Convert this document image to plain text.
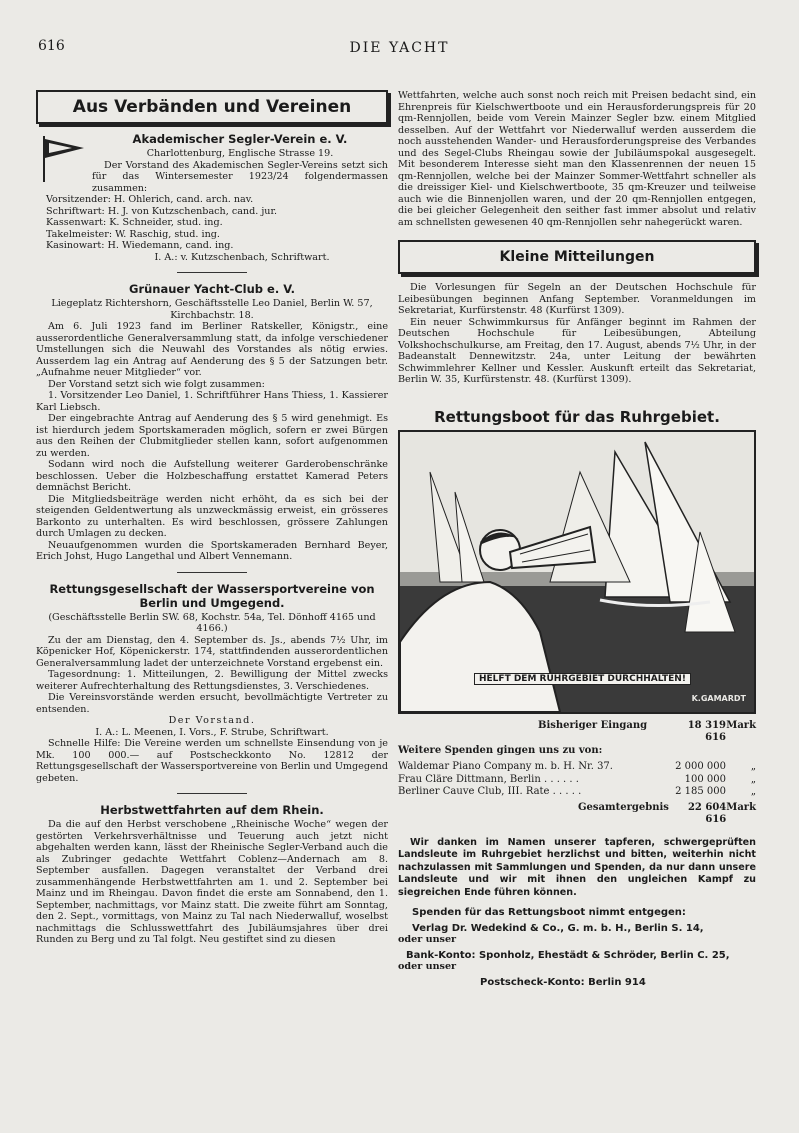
616	DIE YACHT
Aus Verbänden und Vereinen
Akademischer Segler-Verein e. V.

Charlottenburg, Englische Strasse 19.

Der Vorstand des Akademischen Segler-Vereins setzt sich für das Wintersemester 1923/24 folgendermassen zusammen:

Vorsitzender: H. Ohlerich, cand. arch. nav.

Schriftwart: H. J. von Kutzschenbach, cand. jur.

Kassenwart: K. Schneider, stud. ing.

Takelmeister: W. Raschig, stud. ing.

Kasinowart: H. Wiedemann, cand. ing.

I. A.: v. Kutzschenbach, Schriftwart.

Grünauer Yacht-Club e. V.

Liegeplatz Richtershorn, Geschäftsstelle Leo Daniel, Berlin W. 57, Kirchbachstr. 18.

Am 6. Juli 1923 fand im Berliner Ratskeller, Königstr., eine ausserordentliche Generalversammlung statt, da infolge verschiedener Umstellungen sich die Neuwahl des Vorstandes als nötig erwies. Ausserdem lag ein Antrag auf Aenderung des § 5 der Satzungen betr. „Aufnahme neuer Mitglieder“ vor.

Der Vorstand setzt sich wie folgt zusammen:

1. Vorsitzender Leo Daniel, 1. Schriftführer Hans Thiess, 1. Kassierer Karl Liebsch.

Der eingebrachte Antrag auf Aenderung des § 5 wird genehmigt. Es ist hierdurch jedem Sportskameraden möglich, sofern er zwei Bürgen aus den Reihen der Clubmitglieder stellen kann, sofort aufgenommen zu werden.

Sodann wird noch die Aufstellung weiterer Garderobenschränke beschlossen. Ueber die Holzbeschaffung erstattet Kamerad Peters demnächst Bericht.

Die Mitgliedsbeiträge werden nicht erhöht, da es sich bei der steigenden Geldentwertung als unzweckmässig erweist, ein grösseres Barkonto zu unterhalten. Es wird beschlossen, grössere Zahlungen durch Umlagen zu decken.

Neuaufgenommen wurden die Sportskameraden Bernhard Beyer, Erich Johst, Hugo Langethal und Albert Vennemann.

Rettungsgesellschaft der Wassersportvereine von Berlin und Umgegend.

(Geschäftsstelle Berlin SW. 68, Kochstr. 54a, Tel. Dönhoff 4165 und 4166.)

Zu der am Dienstag, den 4. September ds. Js., abends 7½ Uhr, im Köpenicker Hof, Köpenickerstr. 174, stattfindenden ausserordentlichen Generalversammlung ladet der unterzeichnete Vorstand ergebenst ein.

Tagesordnung: 1. Mitteilungen, 2. Bewilligung der Mittel zwecks weiterer Aufrechterhaltung des Rettungsdienstes, 3. Verschiedenes.

Die Vereinsvorstände werden ersucht, bevollmächtigte Vertreter zu entsenden.

Der Vorstand.

I. A.: L. Meenen, I. Vors., F. Strube, Schriftwart.

Schnelle Hilfe: Die Vereine werden um schnellste Einsendung von je Mk. 100 000.— auf Postscheckkonto No. 12812 der Rettungsgesellschaft der Wassersportvereine von Berlin und Umgegend gebeten.

Herbstwettfahrten auf dem Rhein.

Da die auf den Herbst verschobene „Rheinische Woche“ wegen der gestörten Verkehrsverhältnisse und Teuerung auch jetzt nicht abgehalten werden kann, lässt der Rheinische Segler-Verband auch die als Zubringer gedachte Wettfahrt Coblenz—Andernach am 8. September ausfallen. Dagegen veranstaltet der Verband drei zusammenhängende Herbstwettfahrten am 1. und 2. September bei Mainz und im Rheingau. Davon findet die erste am Sonnabend, den 1. September, nachmittags, vor Mainz statt. Die zweite führt am Sonntag, den 2. Sept., vormittags, von Mainz zu Tal nach Niederwalluf, woselbst nachmittags die Schlusswettfahrt des Jubiläumsjahres über drei Runden zu Berg und zu Tal folgt. Neu gestiftet sind zu diesen

Wettfahrten, welche auch sonst noch reich mit Preisen bedacht sind, ein Ehrenpreis für Kielschwertboote und ein Herausforderungspreis für 20 qm-Rennjollen, beide vom Verein Mainzer Segler bzw. einem Mitglied desselben. Auf der Wettfahrt vor Niederwalluf werden ausserdem die noch ausstehenden Wander- und Herausforderungspreise des Verbandes und des Segel-Clubs Rheingau sowie der Jubiläumspokal ausgesegelt. Mit besonderem Interesse sieht man den Klassenrennen der neuen 15 qm-Rennjollen, welche bei der Mainzer Sommer-Wettfahrt schneller als die dreissiger Kiel- und Kielschwertboote, 35 qm-Kreuzer und teilweise auch wie die Binnenjollen waren, und der 20 qm-Rennjollen entgegen, die bei gleicher Gelegenheit den seither fast immer absolut und relativ am schnellsten gewesenen 40 qm-Rennjollen sehr nahegerückt waren.

Kleine Mitteilungen

Die Vorlesungen für Segeln an der Deutschen Hochschule für Leibesübungen beginnen Anfang September. Voranmeldungen im Sekretariat, Kurfürstenstr. 48 (Kurfürst 1309).

Ein neuer Schwimmkursus für Anfänger beginnt im Rahmen der Deutschen Hochschule für Leibesübungen, Abteilung Volkshochschulkurse, am Freitag, den 17. August, abends 7½ Uhr, in der Badeanstalt Dennewitzstr. 24a, unter Leitung der bewährten Schwimmlehrer Kellner und Kessler. Auskunft erteilt das Sekretariat, Berlin W. 35, Kurfürstenstr. 48. (Kurfürst 1309).

Rettungsboot für das Ruhrgebiet.
HELFT DEM RUHRGEBIET DURCHHALTEN!
K.GAMARDT
Bisheriger Eingang	18 319 616
Mark
Weitere Spenden gingen uns zu von:
Waldemar Piano Company m. b. H. Nr. 37.	2 000 000	„
Frau Cläre Dittmann, Berlin . . . . . .	100 000	„
Berliner Cauve Club, III. Rate . . . . .	2 185 000	„
Gesamtergebnis	22 604 616
Mark

Wir danken im Namen unserer tapferen, schwergeprüften Landsleute im Ruhrgebiet herzlichst und bitten, weiterhin nicht nachzulassen mit Sammlungen und Spenden, da nur dann unsere Landsleute und wir mit ihnen den ungleichen Kampf zu siegreichen Ende führen können.

Spenden für das Rettungsboot nimmt entgegen:

Verlag Dr. Wedekind & Co., G. m. b. H., Berlin S. 14,

oder unser

Bank-Konto: Sponholz, Ehestädt & Schröder, Berlin C. 25,

oder unser

Postscheck-Konto: Berlin 914
